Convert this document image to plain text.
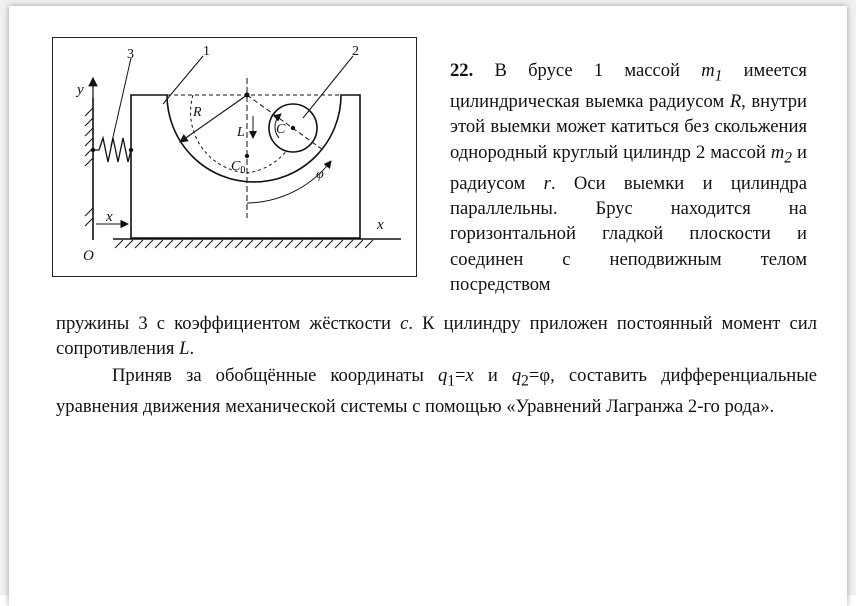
3	1	2
y
x	x
O
R
L C
$C_0$	φ
22. В брусе 1 массой $m_1$ имеется цилиндрическая выемка радиусом R, внутри этой выемки может катиться без скольжения однородный круглый цилиндр 2 массой $m_2$ и радиусом r. Оси выемки и цилиндра параллельны. Брус находится на горизонтальной гладкой плоскости и соединен с неподвижным телом посредством
пружины 3 с коэффициентом жёсткости c. К цилиндру приложен постоянный момент сил сопротивления L.
Приняв за обобщённые координаты $q_1=x$ и $q_2=\varphi$, составить дифференциальные уравнения движения механической системы с помощью «Уравнений Лагранжа 2-го рода».
